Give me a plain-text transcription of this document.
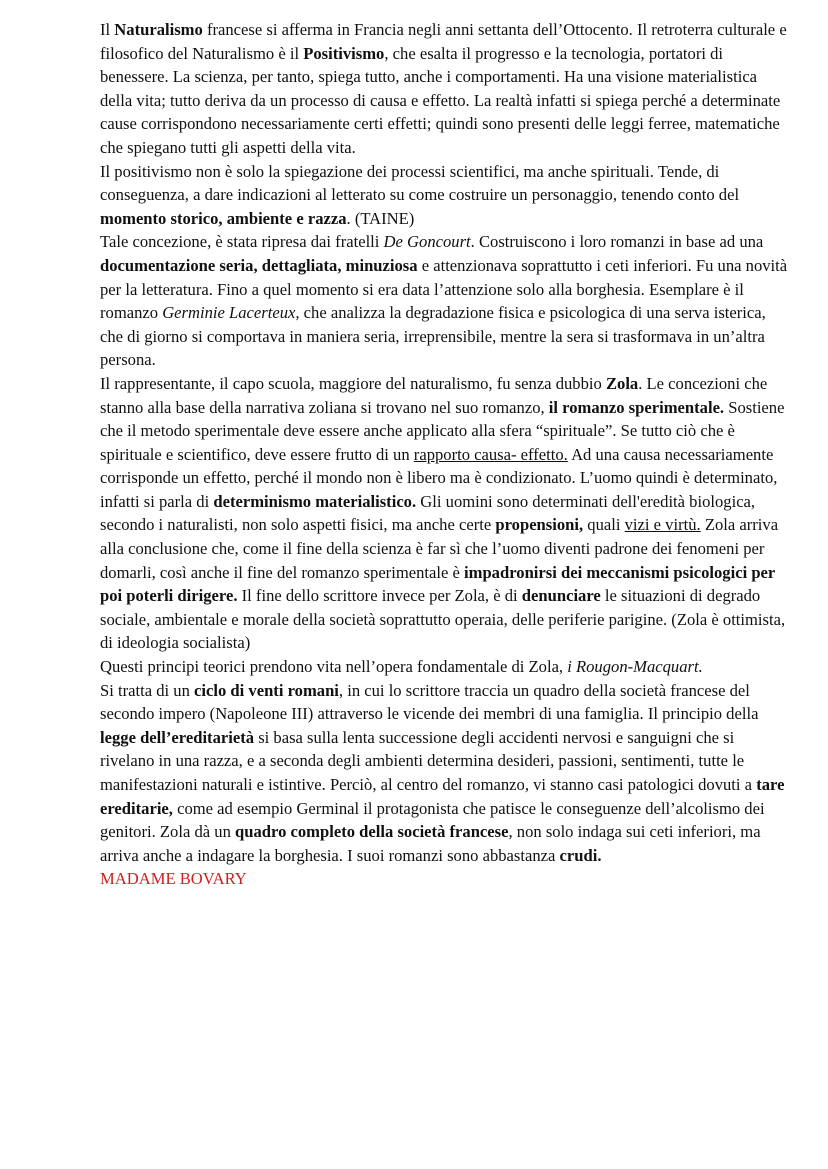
Il Naturalismo francese si afferma in Francia negli anni settanta dell’Ottocento. Il retroterra culturale e filosofico del Naturalismo è il Positivismo, che esalta il progresso e la tecnologia, portatori di benessere. La scienza, per tanto, spiega tutto, anche i comportamenti. Ha una visione materialistica della vita; tutto deriva da un processo di causa e effetto. La realtà infatti si spiega perché a determinate cause corrispondono necessariamente certi effetti; quindi sono presenti delle leggi ferree, matematiche che spiegano tutti gli aspetti della vita.

Il positivismo non è solo la spiegazione dei processi scientifici, ma anche spirituali. Tende, di conseguenza, a dare indicazioni al letterato su come costruire un personaggio, tenendo conto del momento storico, ambiente e razza. (TAINE)

Tale concezione, è stata ripresa dai fratelli De Goncourt. Costruiscono i loro romanzi in base ad una documentazione seria, dettagliata, minuziosa e attenzionava soprattutto i ceti inferiori. Fu una novità per la letteratura. Fino a quel momento si era data l’attenzione solo alla borghesia. Esemplare è il romanzo Germinie Lacerteux, che analizza la degradazione fisica e psicologica di una serva isterica, che di giorno si comportava in maniera seria, irreprensibile, mentre la sera si trasformava in un’altra persona.

Il rappresentante, il capo scuola, maggiore del naturalismo, fu senza dubbio Zola. Le concezioni che stanno alla base della narrativa zoliana si trovano nel suo romanzo, il romanzo sperimentale. Sostiene che il metodo sperimentale deve essere anche applicato alla sfera “spirituale”. Se tutto ciò che è spirituale e scientifico, deve essere frutto di un rapporto causa- effetto. Ad una causa necessariamente corrisponde un effetto, perché il mondo non è libero ma è condizionato. L’uomo quindi è determinato, infatti si parla di determinismo materialistico. Gli uomini sono determinati dell'eredità biologica, secondo i naturalisti, non solo aspetti fisici, ma anche certe propensioni, quali vizi e virtù. Zola arriva alla conclusione che, come il fine della scienza è far sì che l’uomo diventi padrone dei fenomeni per domarli, così anche il fine del romanzo sperimentale è impadronirsi dei meccanismi psicologici per poi poterli dirigere. Il fine dello scrittore invece per Zola, è di denunciare le situazioni di degrado sociale, ambientale e morale della società soprattutto operaia, delle periferie parigine. (Zola è ottimista, di ideologia socialista)

Questi principi teorici prendono vita nell’opera fondamentale di Zola, i Rougon-Macquart.

Si tratta di un ciclo di venti romani, in cui lo scrittore traccia un quadro della società francese del secondo impero (Napoleone III) attraverso le vicende dei membri di una famiglia. Il principio della legge dell’ereditarietà si basa sulla lenta successione degli accidenti nervosi e sanguigni che si rivelano in una razza, e a seconda degli ambienti determina desideri, passioni, sentimenti, tutte le manifestazioni naturali e istintive. Perciò, al centro del romanzo, vi stanno casi patologici dovuti a tare ereditarie, come ad esempio Germinal il protagonista che patisce le conseguenze dell’alcolismo dei genitori. Zola dà un quadro completo della società francese, non solo indaga sui ceti inferiori, ma arriva anche a indagare la borghesia. I suoi romanzi sono abbastanza crudi.

MADAME BOVARY
